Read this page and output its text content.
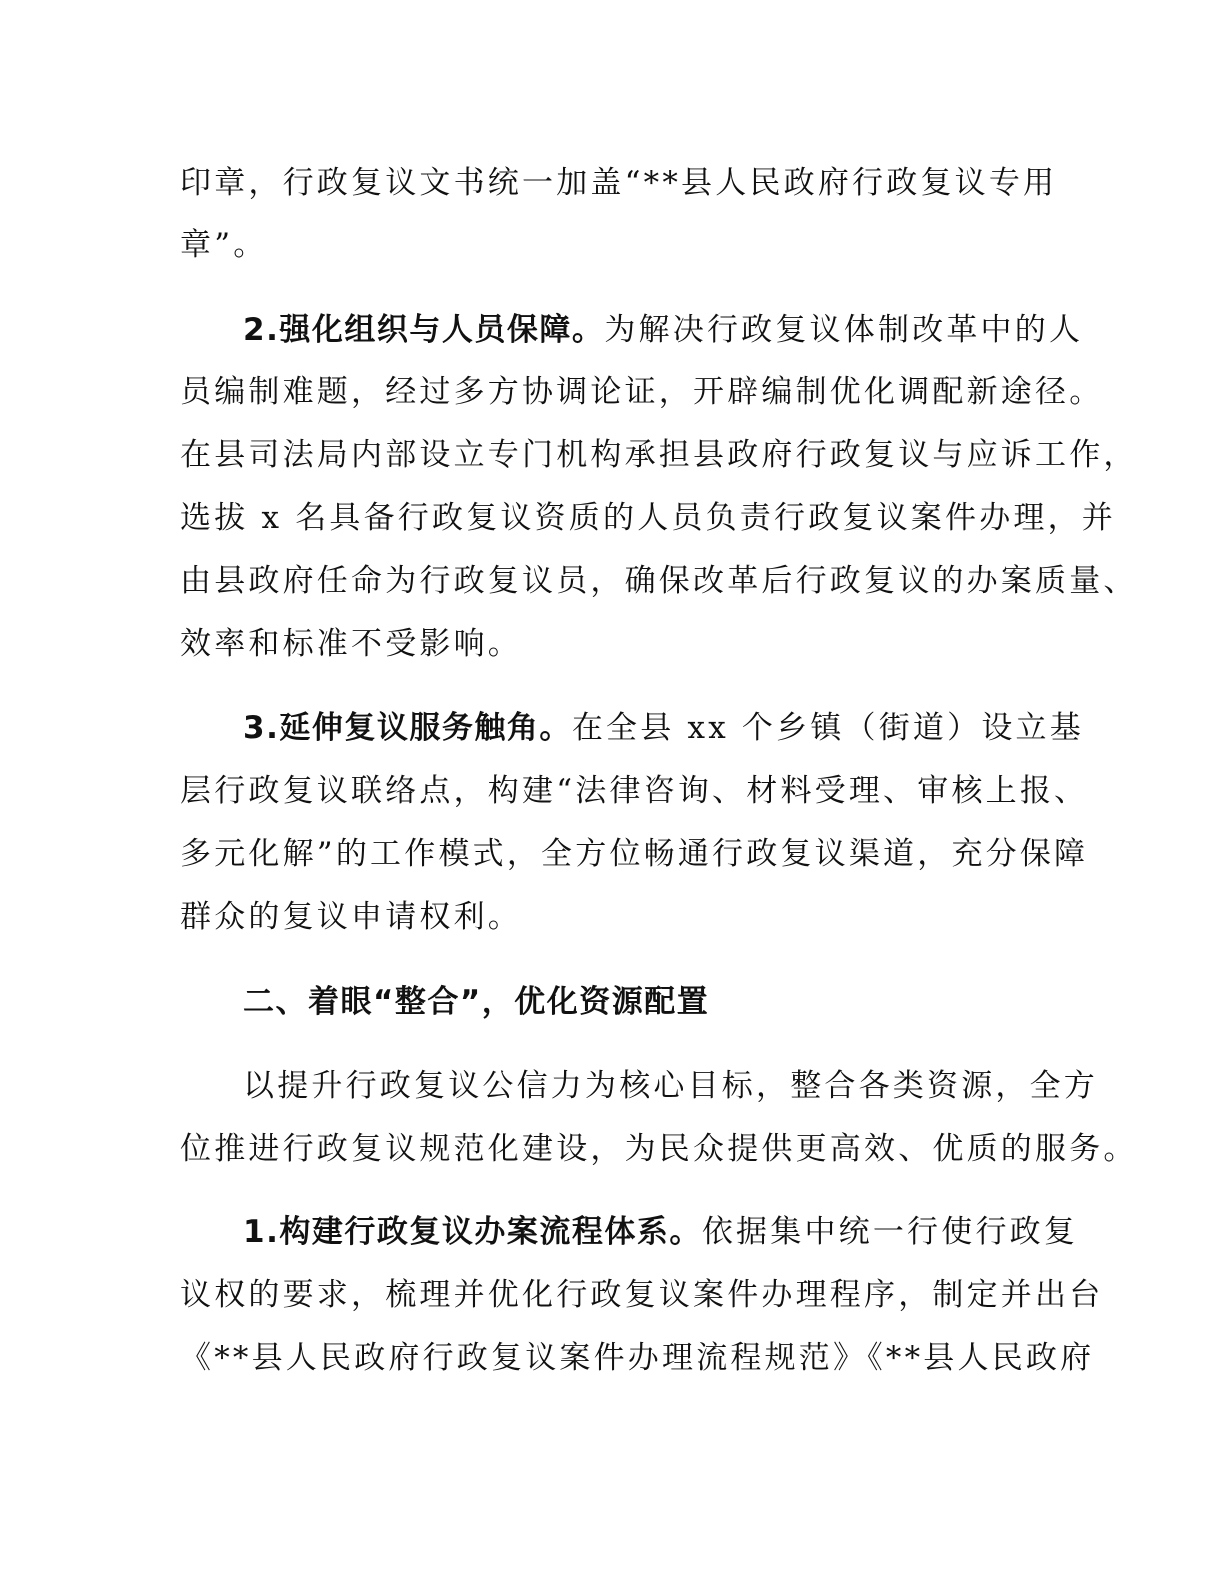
印章，行政复议文书统一加盖“**县人民政府行政复议专用
章”。
2.强化组织与人员保障。为解决行政复议体制改革中的人
员编制难题，经过多方协调论证，开辟编制优化调配新途径。
在县司法局内部设立专门机构承担县政府行政复议与应诉工作，
选拔 x 名具备行政复议资质的人员负责行政复议案件办理，并
由县政府任命为行政复议员，确保改革后行政复议的办案质量、
效率和标准不受影响。
3.延伸复议服务触角。在全县 xx 个乡镇（街道）设立基
层行政复议联络点，构建“法律咨询、材料受理、审核上报、
多元化解”的工作模式，全方位畅通行政复议渠道，充分保障
群众的复议申请权利。
二、着眼“整合”，优化资源配置
以提升行政复议公信力为核心目标，整合各类资源，全方
位推进行政复议规范化建设，为民众提供更高效、优质的服务。
1.构建行政复议办案流程体系。依据集中统一行使行政复
议权的要求，梳理并优化行政复议案件办理程序，制定并出台
《**县人民政府行政复议案件办理流程规范》《**县人民政府
